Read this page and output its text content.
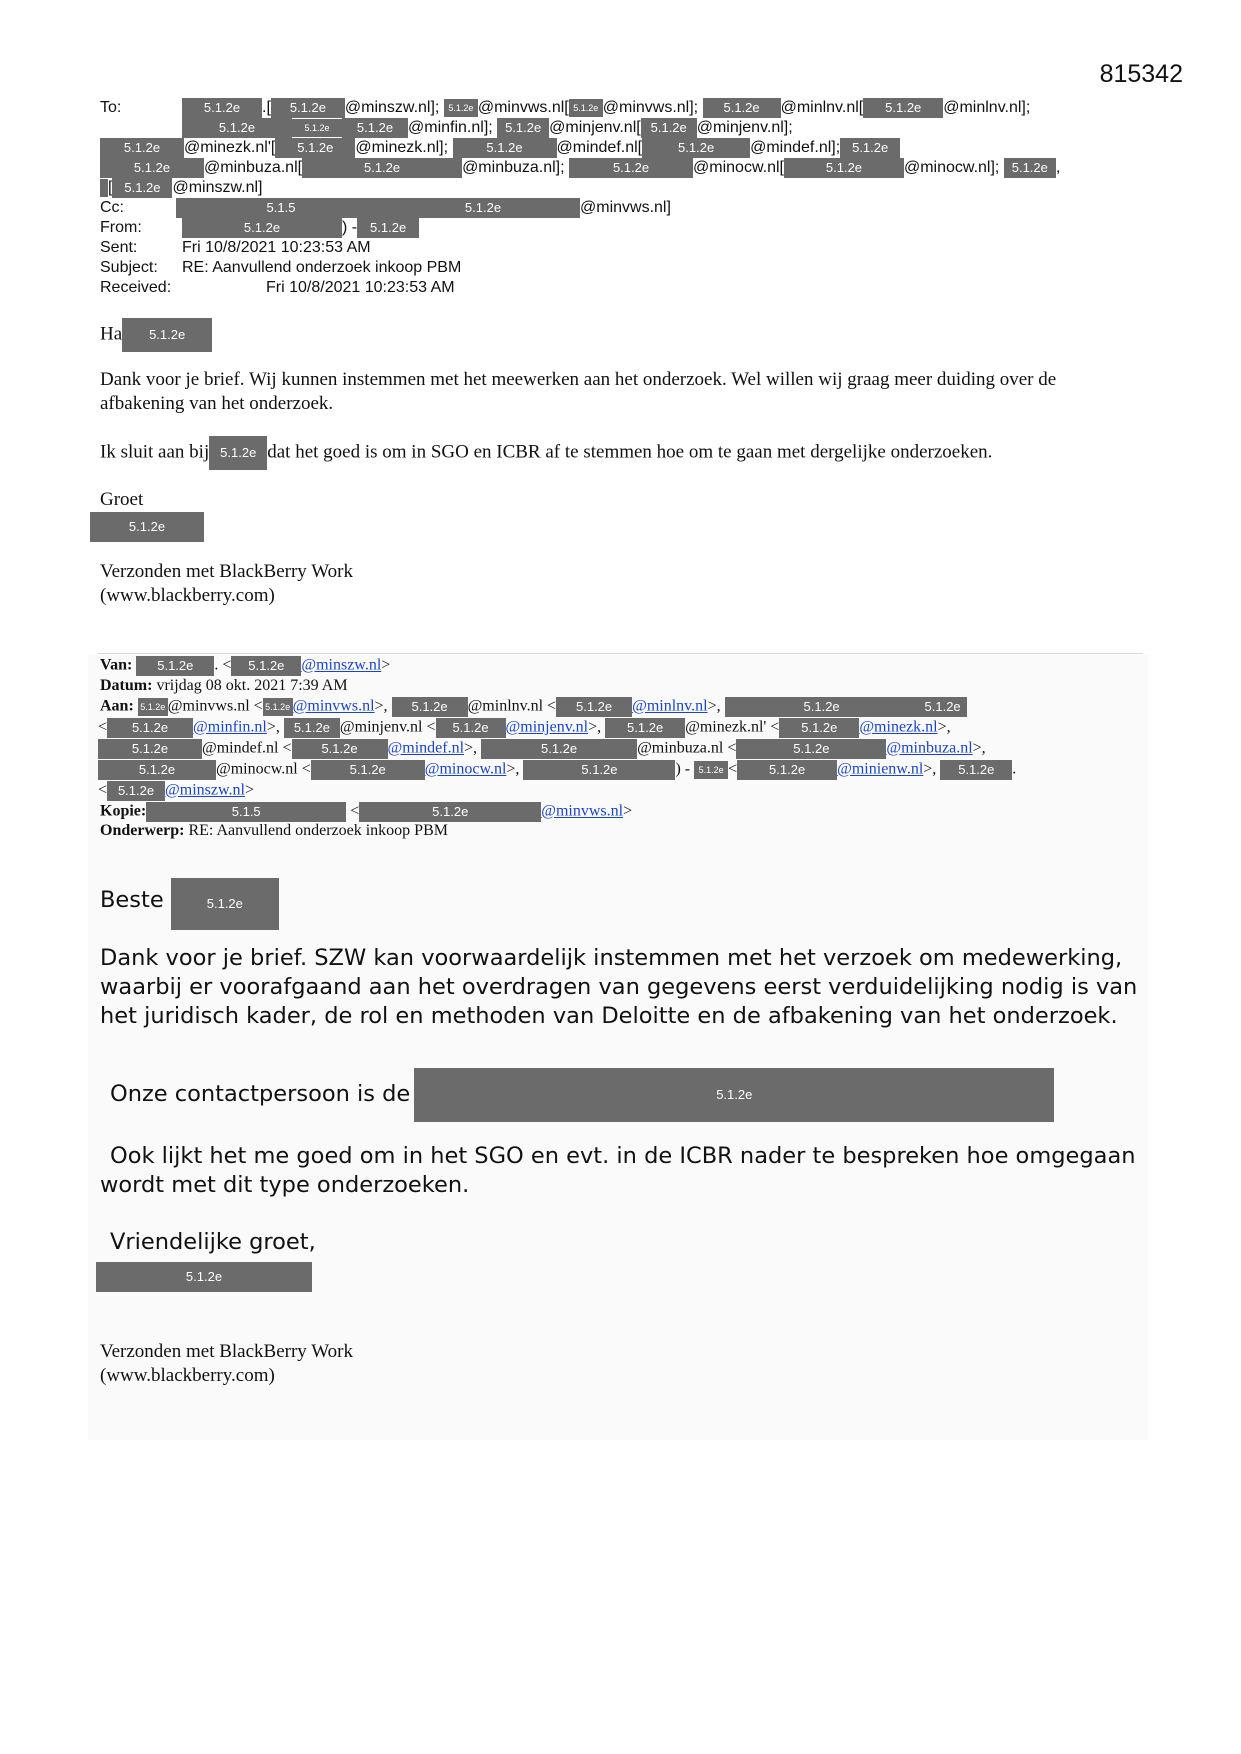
815342
To:	5.1.2e .[ 5.1.2e @minszw.nl]; 5.1.2e @minvws.nl[ 5.1.2e @minvws.nl]; 5.1.2e @minlnv.nl[ 5.1.2e @minlnv.nl];
5.1.2e	5.1.2e 5.1.2e @minfin.nl]; 5.1.2e @minjenv.nl[ 5.1.2e @minjenv.nl];
5.1.2e @minezk.nl'[ 5.1.2e @minezk.nl];	5.1.2e @mindef.nl[	5.1.2e @mindef.nl]; 5.1.2e
5.1.2e @minbuza.nl[	5.1.2e	@minbuza.nl];	5.1.2e	@minocw.nl[	5.1.2e	@minocw.nl]; 5.1.2e ,
[ 5.1.2e @minszw.nl]
Cc:	5.1.5	5.1.2e	@minvws.nl]
From:	5.1.2e	) - 5.1.2e
Sent:	Fri 10/8/2021 10:23:53 AM
Subject: RE: Aanvullend onderzoek inkoop PBM
Received:	Fri 10/8/2021 10:23:53 AM
Ha 5.1.2e
Dank voor je brief. Wij kunnen instemmen met het meewerken aan het onderzoek. Wel willen wij graag meer duiding over de afbakening van het onderzoek.
Ik sluit aan bij 5.1.2e dat het goed is om in SGO en ICBR af te stemmen hoe om te gaan met dergelijke onderzoeken.
Groet
5.1.2e
Verzonden met BlackBerry Work
(www.blackberry.com)
Van: 5.1.2e . < 5.1.2e @minszw.nl>
Datum: vrijdag 08 okt. 2021 7:39 AM
Aan: 5.1.2e @minvws.nl < 5.1.2e @minvws.nl>, 5.1.2e @minlnv.nl < 5.1.2e @minlnv.nl>,	5.1.2e	5.1.2e
< 5.1.2e @minfin.nl>, 5.1.2e @minjenv.nl < 5.1.2e @minjenv.nl>, 5.1.2e @minezk.nl' < 5.1.2e @minezk.nl>,
5.1.2e @mindef.nl < 5.1.2e @mindef.nl>,	5.1.2e	@minbuza.nl <	5.1.2e	@minbuza.nl>,
5.1.2e	@minocw.nl <	5.1.2e @minocw.nl>,	5.1.2e	) - 5.1.2e < 5.1.2e @minienw.nl>, 5.1.2e .
< 5.1.2e @minszw.nl>
Kopie:	5.1.5	<	5.1.2e	@minvws.nl>
Onderwerp: RE: Aanvullend onderzoek inkoop PBM
Beste	5.1.2e
Dank voor je brief. SZW kan voorwaardelijk instemmen met het verzoek om medewerking, waarbij er voorafgaand aan het overdragen van gegevens eerst verduidelijking nodig is van het juridisch kader, de rol en methoden van Deloitte en de afbakening van het onderzoek.
Onze contactpersoon is de	5.1.2e
Ook lijkt het me goed om in het SGO en evt. in de ICBR nader te bespreken hoe omgegaan wordt met dit type onderzoeken.
Vriendelijke groet,
5.1.2e
Verzonden met BlackBerry Work
(www.blackberry.com)
